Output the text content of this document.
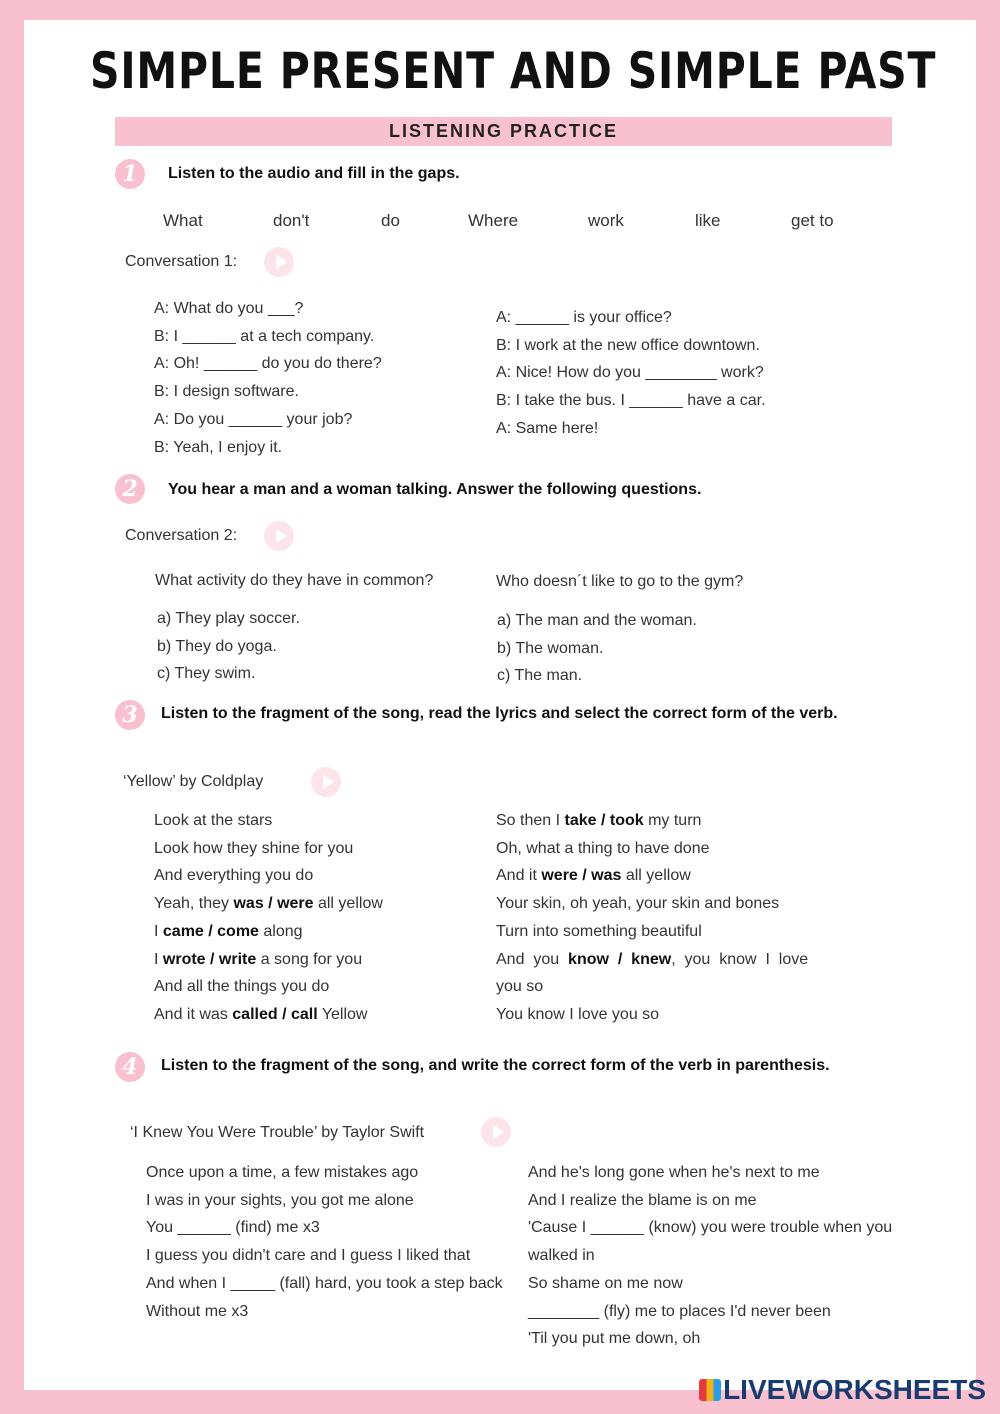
SIMPLE PRESENT AND SIMPLE PAST
LISTENING PRACTICE
1	Listen to the audio and fill in the gaps.
What	don't	do	Where	work	like	get to
Conversation 1:
A: What do you ___?
B: I ______ at a tech company.
A: Oh! ______ do you do there?
B: I design software.
A: Do you ______ your job?
B: Yeah, I enjoy it.
A: ______ is your office?
B: I work at the new office downtown.
A: Nice! How do you ________ work?
B: I take the bus. I ______ have a car.
A: Same here!
2	You hear a man and a woman talking. Answer the following questions.
Conversation 2:
What activity do they have in common?
a) They play soccer.
b) They do yoga.
c) They swim.
Who doesn´t like to go to the gym?
a) The man and the woman.
b) The woman.
c) The man.
3	Listen to the fragment of the song, read the lyrics and select the correct form of the verb.
‘Yellow’ by Coldplay
Look at the stars
Look how they shine for you
And everything you do
Yeah, they was / were all yellow
I came / come along
I wrote / write a song for you
And all the things you do
And it was called / call Yellow
So then I take / took my turn
Oh, what a thing to have done
And it were / was all yellow
Your skin, oh yeah, your skin and bones
Turn into something beautiful
And  you  know  /  knew,  you  know  I  love
you so
You know I love you so
4	Listen to the fragment of the song, and write the correct form of the verb in parenthesis.
‘I Knew You Were Trouble’ by Taylor Swift
Once upon a time, a few mistakes ago
I was in your sights, you got me alone
You ______ (find) me x3
I guess you didn't care and I guess I liked that
And when I _____ (fall) hard, you took a step back
Without me x3
And he's long gone when he's next to me
And I realize the blame is on me
'Cause I ______ (know) you were trouble when you walked in
So shame on me now
________ (fly) me to places I'd never been
'Til you put me down, oh
LIVEWORKSHEETS
